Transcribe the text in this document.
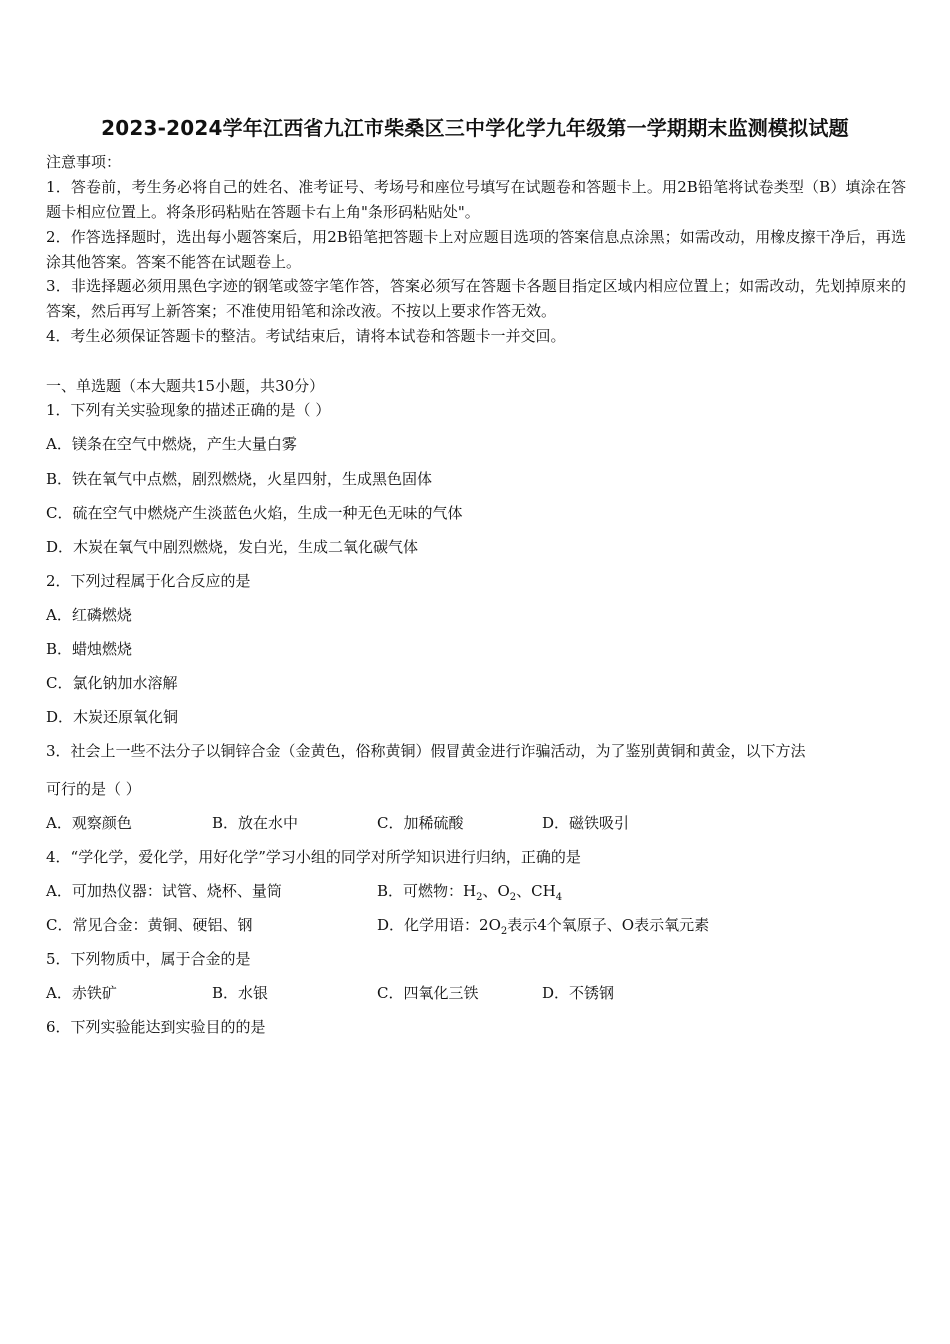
2023-2024学年江西省九江市柴桑区三中学化学九年级第一学期期末监测模拟试题
注意事项：
1．答卷前，考生务必将自己的姓名、准考证号、考场号和座位号填写在试题卷和答题卡上。用2B铅笔将试卷类型（B）填涂在答题卡相应位置上。将条形码粘贴在答题卡右上角"条形码粘贴处"。
2．作答选择题时，选出每小题答案后，用2B铅笔把答题卡上对应题目选项的答案信息点涂黑；如需改动，用橡皮擦干净后，再选涂其他答案。答案不能答在试题卷上。
3．非选择题必须用黑色字迹的钢笔或签字笔作答，答案必须写在答题卡各题目指定区域内相应位置上；如需改动，先划掉原来的答案，然后再写上新答案；不准使用铅笔和涂改液。不按以上要求作答无效。
4．考生必须保证答题卡的整洁。考试结束后，请将本试卷和答题卡一并交回。
一、单选题（本大题共15小题，共30分）
1．下列有关实验现象的描述正确的是（ ）
A．镁条在空气中燃烧，产生大量白雾
B．铁在氧气中点燃，剧烈燃烧，火星四射，生成黑色固体
C．硫在空气中燃烧产生淡蓝色火焰，生成一种无色无味的气体
D．木炭在氧气中剧烈燃烧，发白光，生成二氧化碳气体
2．下列过程属于化合反应的是
A．红磷燃烧
B．蜡烛燃烧
C．氯化钠加水溶解
D．木炭还原氧化铜
3．社会上一些不法分子以铜锌合金（金黄色，俗称黄铜）假冒黄金进行诈骗活动，为了鉴别黄铜和黄金，以下方法
可行的是（ ）
A．观察颜色	B．放在水中	C．加稀硫酸	D．磁铁吸引
4．“学化学，爱化学，用好化学”学习小组的同学对所学知识进行归纳，正确的是
A．可加热仪器：试管、烧杯、量筒	B．可燃物：$H_2$、$O_2$、$CH_4$
C．常见合金：黄铜、硬铝、钢	D．化学用语：$2O_2$表示4个氧原子、O表示氧元素
5．下列物质中，属于合金的是
A．赤铁矿	B．水银	C．四氧化三铁	D．不锈钢
6．下列实验能达到实验目的的是
